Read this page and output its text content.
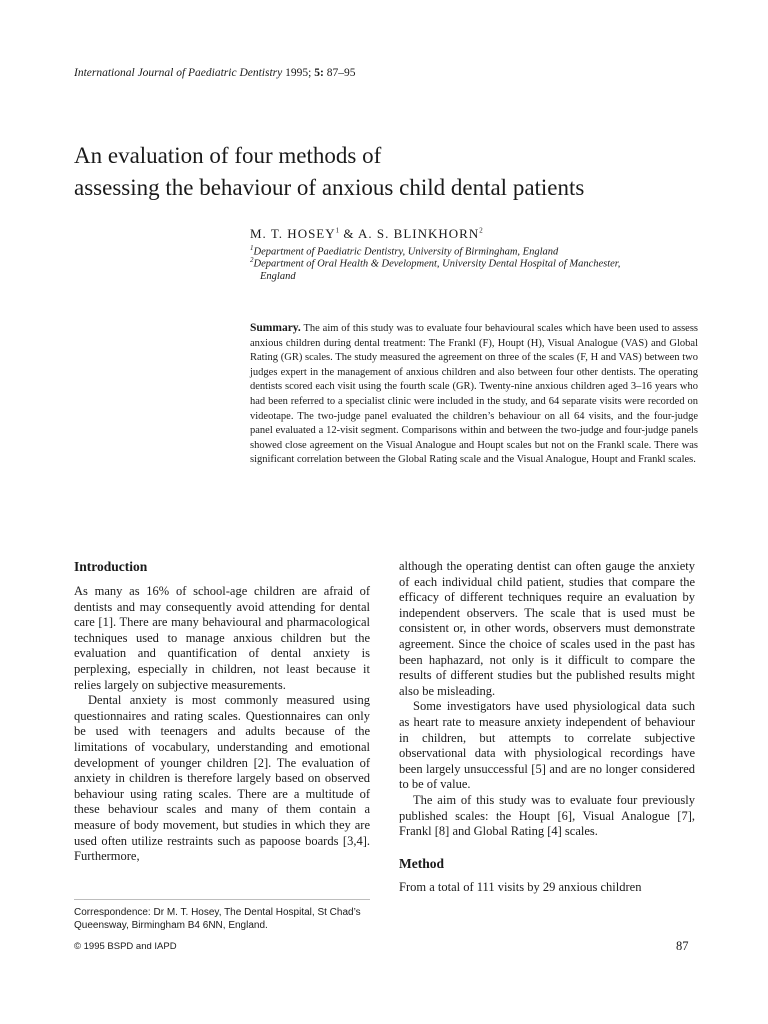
International Journal of Paediatric Dentistry 1995; 5: 87–95
An evaluation of four methods of
assessing the behaviour of anxious child dental patients
M. T. HOSEY$^1$ & A. S. BLINKHORN$^2$
$^1$Department of Paediatric Dentistry, University of Birmingham, England
$^2$Department of Oral Health & Development, University Dental Hospital of Manchester,
England
Summary. The aim of this study was to evaluate four behavioural scales which have been used to assess anxious children during dental treatment: The Frankl (F), Houpt (H), Visual Analogue (VAS) and Global Rating (GR) scales. The study measured the agreement on three of the scales (F, H and VAS) between two judges expert in the management of anxious children and also between four other dentists. The operating dentists scored each visit using the fourth scale (GR). Twenty-nine anxious children aged 3–16 years who had been referred to a specialist clinic were included in the study, and 64 separate visits were recorded on videotape. The two-judge panel evaluated the children’s behaviour on all 64 visits, and the four-judge panel evaluated a 12-visit segment. Comparisons within and between the two-judge and four-judge panels showed close agreement on the Visual Analogue and Houpt scales but not on the Frankl scale. There was significant correlation between the Global Rating scale and the Visual Analogue, Houpt and Frankl scales.
Introduction

As many as 16% of school-age children are afraid of dentists and may consequently avoid attending for dental care [1]. There are many behavioural and pharmacological techniques used to manage anxious children but the evaluation and quantification of dental anxiety is perplexing, especially in children, not least because it relies largely on subjective measurements.

Dental anxiety is most commonly measured using questionnaires and rating scales. Questionnaires can only be used with teenagers and adults because of the limitations of vocabulary, understanding and emotional development of younger children [2]. The evaluation of anxiety in children is therefore largely based on observed behaviour using rating scales. There are a multitude of these behaviour scales and many of them contain a measure of body movement, but studies in which they are used often utilize restraints such as papoose boards [3,4]. Furthermore,

although the operating dentist can often gauge the anxiety of each individual child patient, studies that compare the efficacy of different techniques require an evaluation by independent observers. The scale that is used must be consistent or, in other words, observers must demonstrate agreement. Since the choice of scales used in the past has been haphazard, not only is it difficult to compare the results of different studies but the published results might also be misleading.

Some investigators have used physiological data such as heart rate to measure anxiety independent of behaviour in children, but attempts to correlate subjective observational data with physiological recordings have been largely unsuccessful [5] and are no longer considered to be of value.

The aim of this study was to evaluate four previously published scales: the Houpt [6], Visual Analogue [7], Frankl [8] and Global Rating [4] scales.

Method

From a total of 111 visits by 29 anxious children

Correspondence: Dr M. T. Hosey, The Dental Hospital, St Chad’s Queensway, Birmingham B4 6NN, England.
© 1995 BSPD and IAPD	87
